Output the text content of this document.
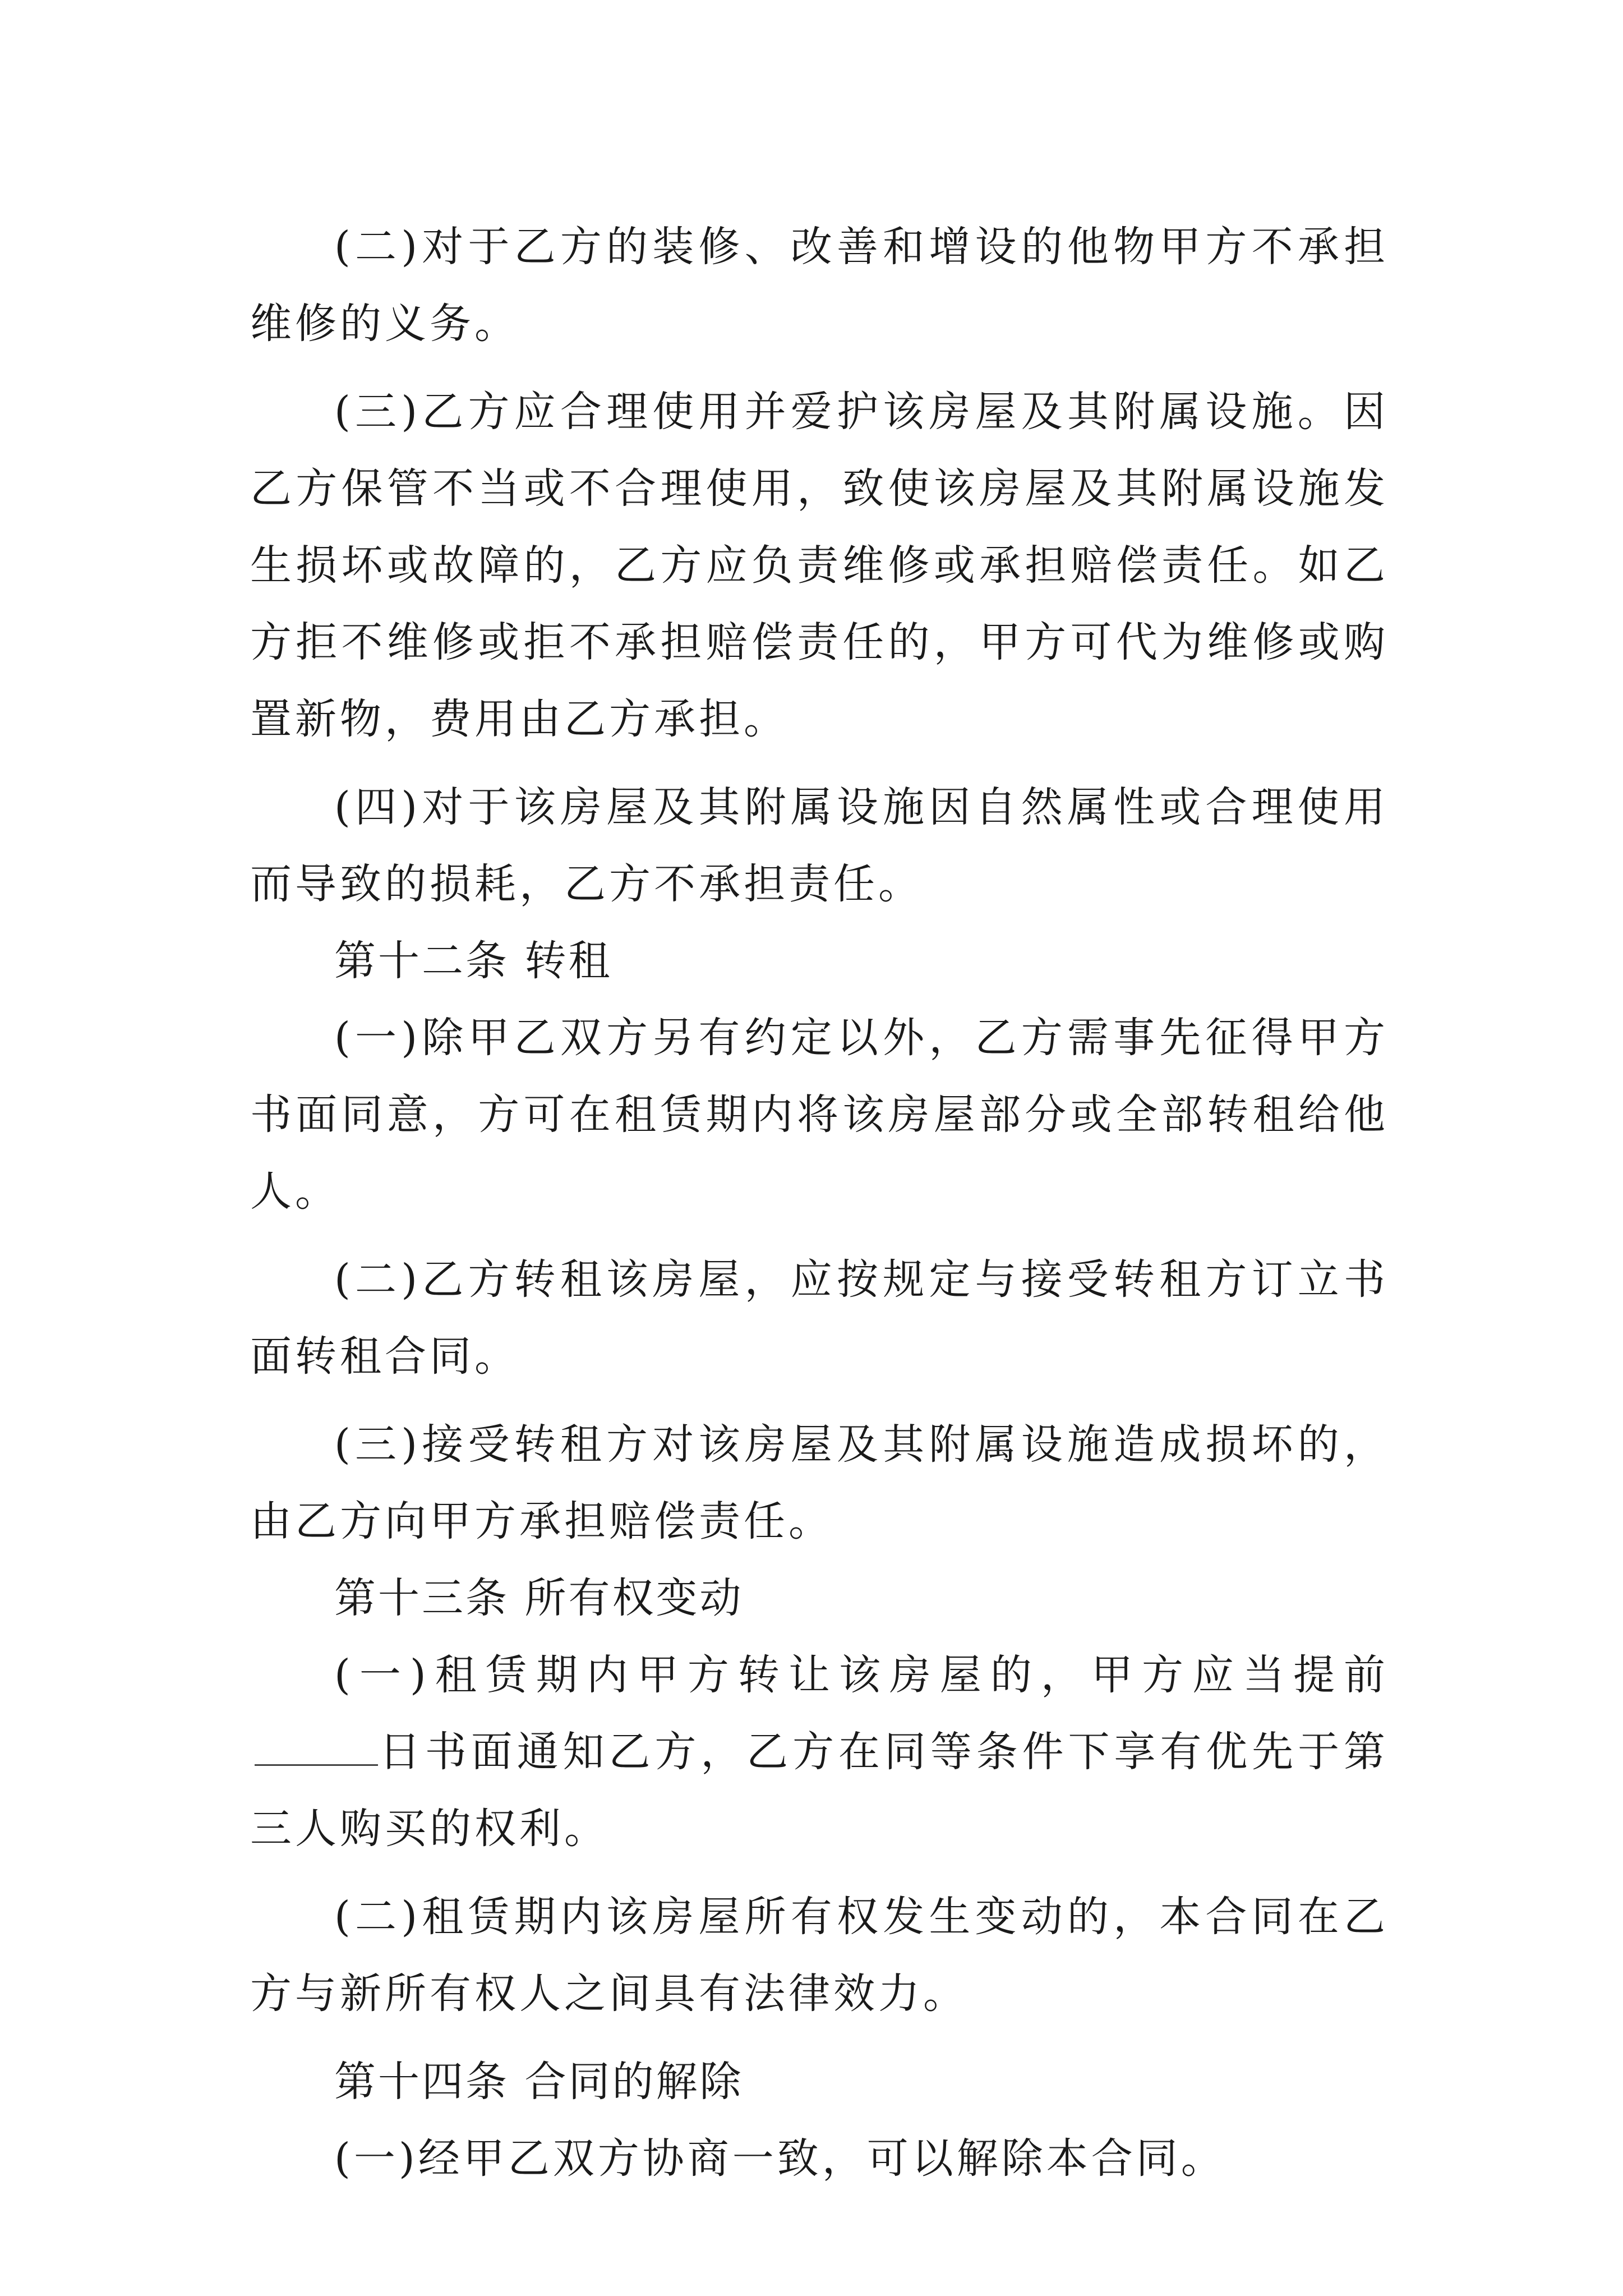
(二)对于乙方的装修、改善和增设的他物甲方不承担维修的义务。

(三)乙方应合理使用并爱护该房屋及其附属设施。因乙方保管不当或不合理使用，致使该房屋及其附属设施发生损坏或故障的，乙方应负责维修或承担赔偿责任。如乙方拒不维修或拒不承担赔偿责任的，甲方可代为维修或购置新物，费用由乙方承担。

(四)对于该房屋及其附属设施因自然属性或合理使用而导致的损耗，乙方不承担责任。

第十二条 转租

(一)除甲乙双方另有约定以外，乙方需事先征得甲方书面同意，方可在租赁期内将该房屋部分或全部转租给他人。

(二)乙方转租该房屋，应按规定与接受转租方订立书面转租合同。

(三)接受转租方对该房屋及其附属设施造成损坏的，由乙方向甲方承担赔偿责任。

第十三条 所有权变动

(一)租赁期内甲方转让该房屋的，甲方应当提前日书面通知乙方，乙方在同等条件下享有优先于第三人购买的权利。

(二)租赁期内该房屋所有权发生变动的，本合同在乙方与新所有权人之间具有法律效力。

第十四条 合同的解除

(一)经甲乙双方协商一致，可以解除本合同。
